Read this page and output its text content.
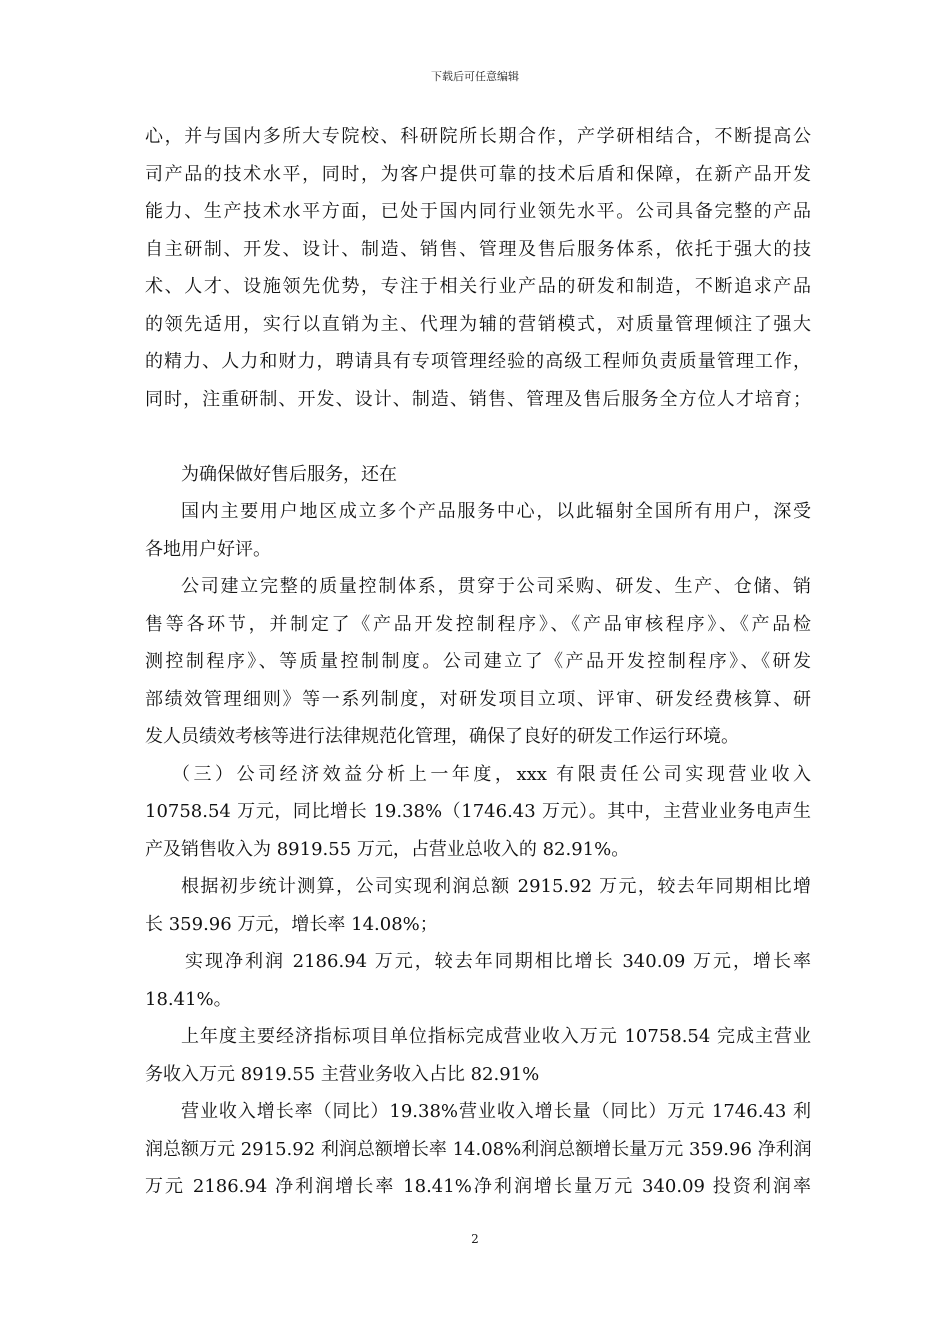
下载后可任意编辑
心，并与国内多所大专院校、科研院所长期合作，产学研相结合，不断提高公
司产品的技术水平，同时，为客户提供可靠的技术后盾和保障，在新产品开发
能力、生产技术水平方面，已处于国内同行业领先水平。公司具备完整的产品
自主研制、开发、设计、制造、销售、管理及售后服务体系，依托于强大的技
术、人才、设施领先优势，专注于相关行业产品的研发和制造，不断追求产品
的领先适用，实行以直销为主、代理为辅的营销模式，对质量管理倾注了强大
的精力、人力和财力，聘请具有专项管理经验的高级工程师负责质量管理工作，
同时，注重研制、开发、设计、制造、销售、管理及售后服务全方位人才培育；
为确保做好售后服务，还在
国内主要用户地区成立多个产品服务中心，以此辐射全国所有用户，深受
各地用户好评。
公司建立完整的质量控制体系，贯穿于公司采购、研发、生产、仓储、销
售等各环节，并制定了《产品开发控制程序》、《产品审核程序》、《产品检
测控制程序》、等质量控制制度。公司建立了《产品开发控制程序》、《研发
部绩效管理细则》等一系列制度，对研发项目立项、评审、研发经费核算、研
发人员绩效考核等进行法律规范化管理，确保了良好的研发工作运行环境。
（三）公司经济效益分析上一年度，xxx 有限责任公司实现营业收入
10758.54 万元，同比增长 19.38%（1746.43 万元）。其中，主营业业务电声生
产及销售收入为 8919.55 万元，占营业总收入的 82.91%。
根据初步统计测算，公司实现利润总额 2915.92 万元，较去年同期相比增
长 359.96 万元，增长率 14.08%；
实现净利润 2186.94 万元，较去年同期相比增长 340.09 万元，增长率
18.41%。
上年度主要经济指标项目单位指标完成营业收入万元 10758.54 完成主营业
务收入万元 8919.55 主营业务收入占比 82.91%
营业收入增长率（同比）19.38%营业收入增长量（同比）万元 1746.43 利
润总额万元 2915.92 利润总额增长率 14.08%利润总额增长量万元 359.96 净利润
万元 2186.94 净利润增长率 18.41%净利润增长量万元 340.09 投资利润率
2
